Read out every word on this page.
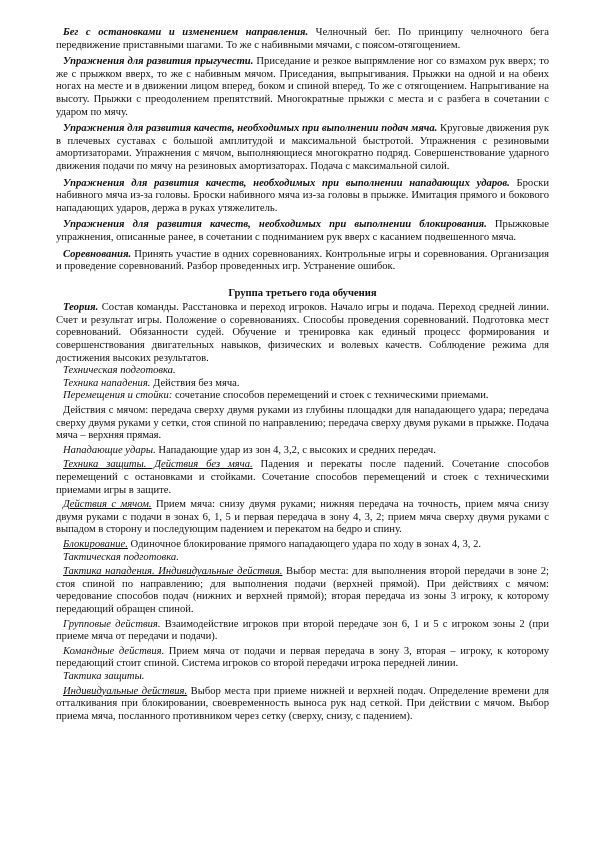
Бег с остановками и изменением направления. Челночный бег. По принципу челночного бега передвижение приставными шагами. То же с набивными мячами, с поясом-отягощением.

Упражнения для развития прыгучести. Приседание и резкое выпрямление ног со взмахом рук вверх; то же с прыжком вверх, то же с набивным мячом. Приседания, выпрыгивания. Прыжки на одной и на обеих ногах на месте и в движении лицом вперед, боком и спиной вперед. То же с отягощением. Напрыгивание на высоту. Прыжки с преодолением препятствий. Многократные прыжки с места и с разбега в сочетании с ударом по мячу.

Упражнения для развития качеств, необходимых при выполнении подач мяча. Круговые движения рук в плечевых суставах с большой амплитудой и максимальной быстротой. Упражнения с резиновыми амортизаторами. Упражнения с мячом, выполняющиеся многократно подряд. Совершенствование ударного движения подачи по мячу на резиновых амортизаторах. Подача с максимальной силой.

Упражнения для развития качеств, необходимых при выполнении нападающих ударов. Броски набивного мяча из-за головы. Броски набивного мяча из-за головы в прыжке. Имитация прямого и бокового нападающих ударов, держа в руках утяжелитель.

Упражнения для развития качеств, необходимых при выполнении блокирования. Прыжковые упражнения, описанные ранее, в сочетании с подниманием рук вверх с касанием подвешенного мяча.

Соревнования. Принять участие в одних соревнованиях. Контрольные игры и соревнования. Организация и проведение соревнований. Разбор проведенных игр. Устранение ошибок.

Группа третьего года обучения

Теория. Состав команды. Расстановка и переход игроков. Начало игры и подача. Переход средней линии. Счет и результат игры. Положение о соревнованиях. Способы проведения соревнований. Подготовка мест соревнований. Обязанности судей. Обучение и тренировка как единый процесс формирования и совершенствования двигательных навыков, физических и волевых качеств. Соблюдение режима для достижения высоких результатов.

Техническая подготовка.

Техника нападения. Действия без мяча.

Перемещения и стойки: сочетание способов перемещений и стоек с техническими приемами.

Действия с мячом: передача сверху двумя руками из глубины площадки для нападающего удара; передача сверху двумя руками у сетки, стоя спиной по направлению; передача сверху двумя руками в прыжке. Подача мяча – верхняя прямая.

Нападающие удары. Нападающие удар из зон 4, 3,2, с высоких и средних передач.

Техника защиты. Действия без мяча. Падения и перекаты после падений. Сочетание способов перемещений с остановками и стойками. Сочетание способов перемещений и стоек с техническими приемами игры в защите.

Действия с мячом. Прием мяча: снизу двумя руками; нижняя передача на точность, прием мяча снизу двумя руками с подачи в зонах 6, 1, 5 и первая передача в зону 4, 3, 2; прием мяча сверху двумя руками с выпадом в сторону и последующим падением и перекатом на бедро и спину.

Блокирование. Одиночное блокирование прямого нападающего удара по ходу в зонах 4, 3, 2.

Тактическая подготовка.

Тактика нападения. Индивидуальные действия. Выбор места: для выполнения второй передачи в зоне 2; стоя спиной по направлению; для выполнения подачи (верхней прямой). При действиях с мячом: чередование способов подач (нижних и верхней прямой); вторая передача из зоны 3 игроку, к которому передающий обращен спиной.

Групповые действия. Взаимодействие игроков при второй передаче зон 6, 1 и 5 с игроком зоны 2 (при приеме мяча от передачи и подачи).

Командные действия. Прием мяча от подачи и первая передача в зону 3, вторая – игроку, к которому передающий стоит спиной. Система игроков со второй передачи игрока передней линии.

Тактика защиты.

Индивидуальные действия. Выбор места при приеме нижней и верхней подач. Определение времени для отталкивания при блокировании, своевременность выноса рук над сеткой. При действии с мячом. Выбор приема мяча, посланного противником через сетку (сверху, снизу, с падением).
